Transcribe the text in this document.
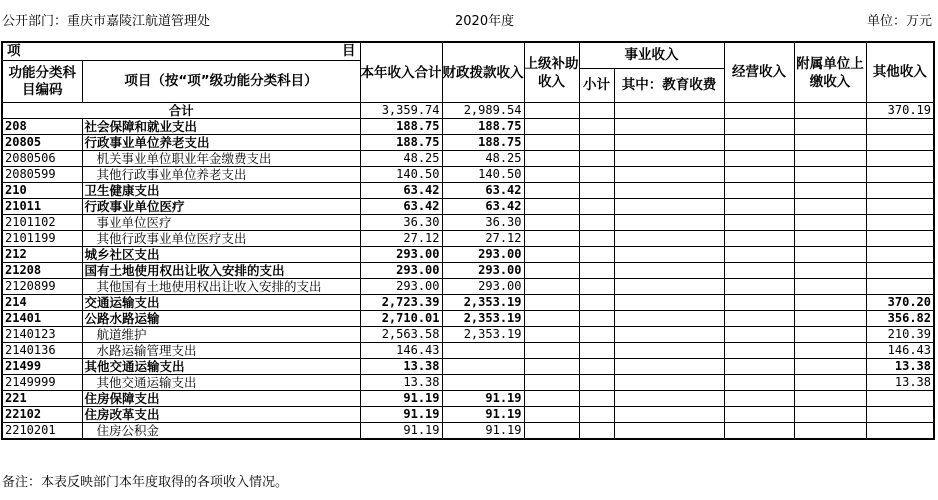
公开部门：重庆市嘉陵江航道管理处	2020年度	单位：万元
项 目		本年收入合计	财政拨款收入	上级补助收入	事业收入		经营收入	附属单位上缴收入	其他收入
功能分类科目编码	项目（按“项”级功能分类科目）								
					小计	其中：教育收费			
合计		3,359.74	2,989.54						370.19
208	社会保障和就业支出	188.75	188.75						
20805	行政事业单位养老支出	188.75	188.75						
2080506	机关事业单位职业年金缴费支出	48.25	48.25						
2080599	其他行政事业单位养老支出	140.50	140.50						
210	卫生健康支出	63.42	63.42						
21011	行政事业单位医疗	63.42	63.42						
2101102	事业单位医疗	36.30	36.30						
2101199	其他行政事业单位医疗支出	27.12	27.12						
212	城乡社区支出	293.00	293.00						
21208	国有土地使用权出让收入安排的支出	293.00	293.00						
2120899	其他国有土地使用权出让收入安排的支出	293.00	293.00						
214	交通运输支出	2,723.39	2,353.19						370.20
21401	公路水路运输	2,710.01	2,353.19						356.82
2140123	航道维护	2,563.58	2,353.19						210.39
2140136	水路运输管理支出	146.43							146.43
21499	其他交通运输支出	13.38							13.38
2149999	其他交通运输支出	13.38							13.38
221	住房保障支出	91.19	91.19						
22102	住房改革支出	91.19	91.19						
2210201	住房公积金	91.19	91.19						
备注：本表反映部门本年度取得的各项收入情况。
